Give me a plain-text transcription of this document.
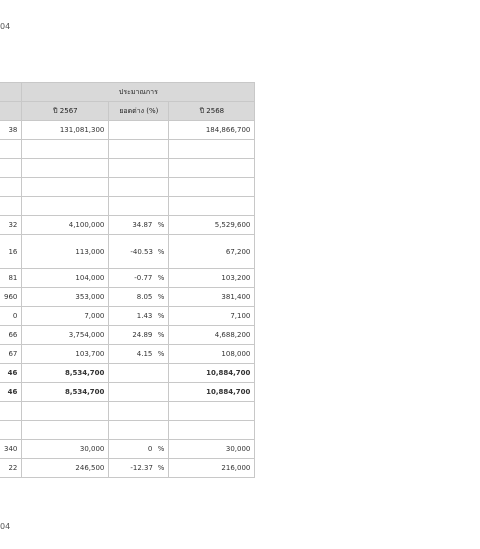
04
	ประมาณการ		
	ปี 2567	ยอดต่าง (%)	ปี 2568
38	131,081,300		184,866,700

32	4,100,000	34.87 %	5,529,600
16	113,000	-40.53 %	67,200
81	104,000	-0.77 %	103,200
960	353,000	8.05 %	381,400
0	7,000	1.43 %	7,100
66	3,754,000	24.89 %	4,688,200
67	103,700	4.15 %	108,000
46	8,534,700		10,884,700
46	8,534,700		10,884,700

340	30,000	0 %	30,000
22	246,500	-12.37 %	216,000
04
